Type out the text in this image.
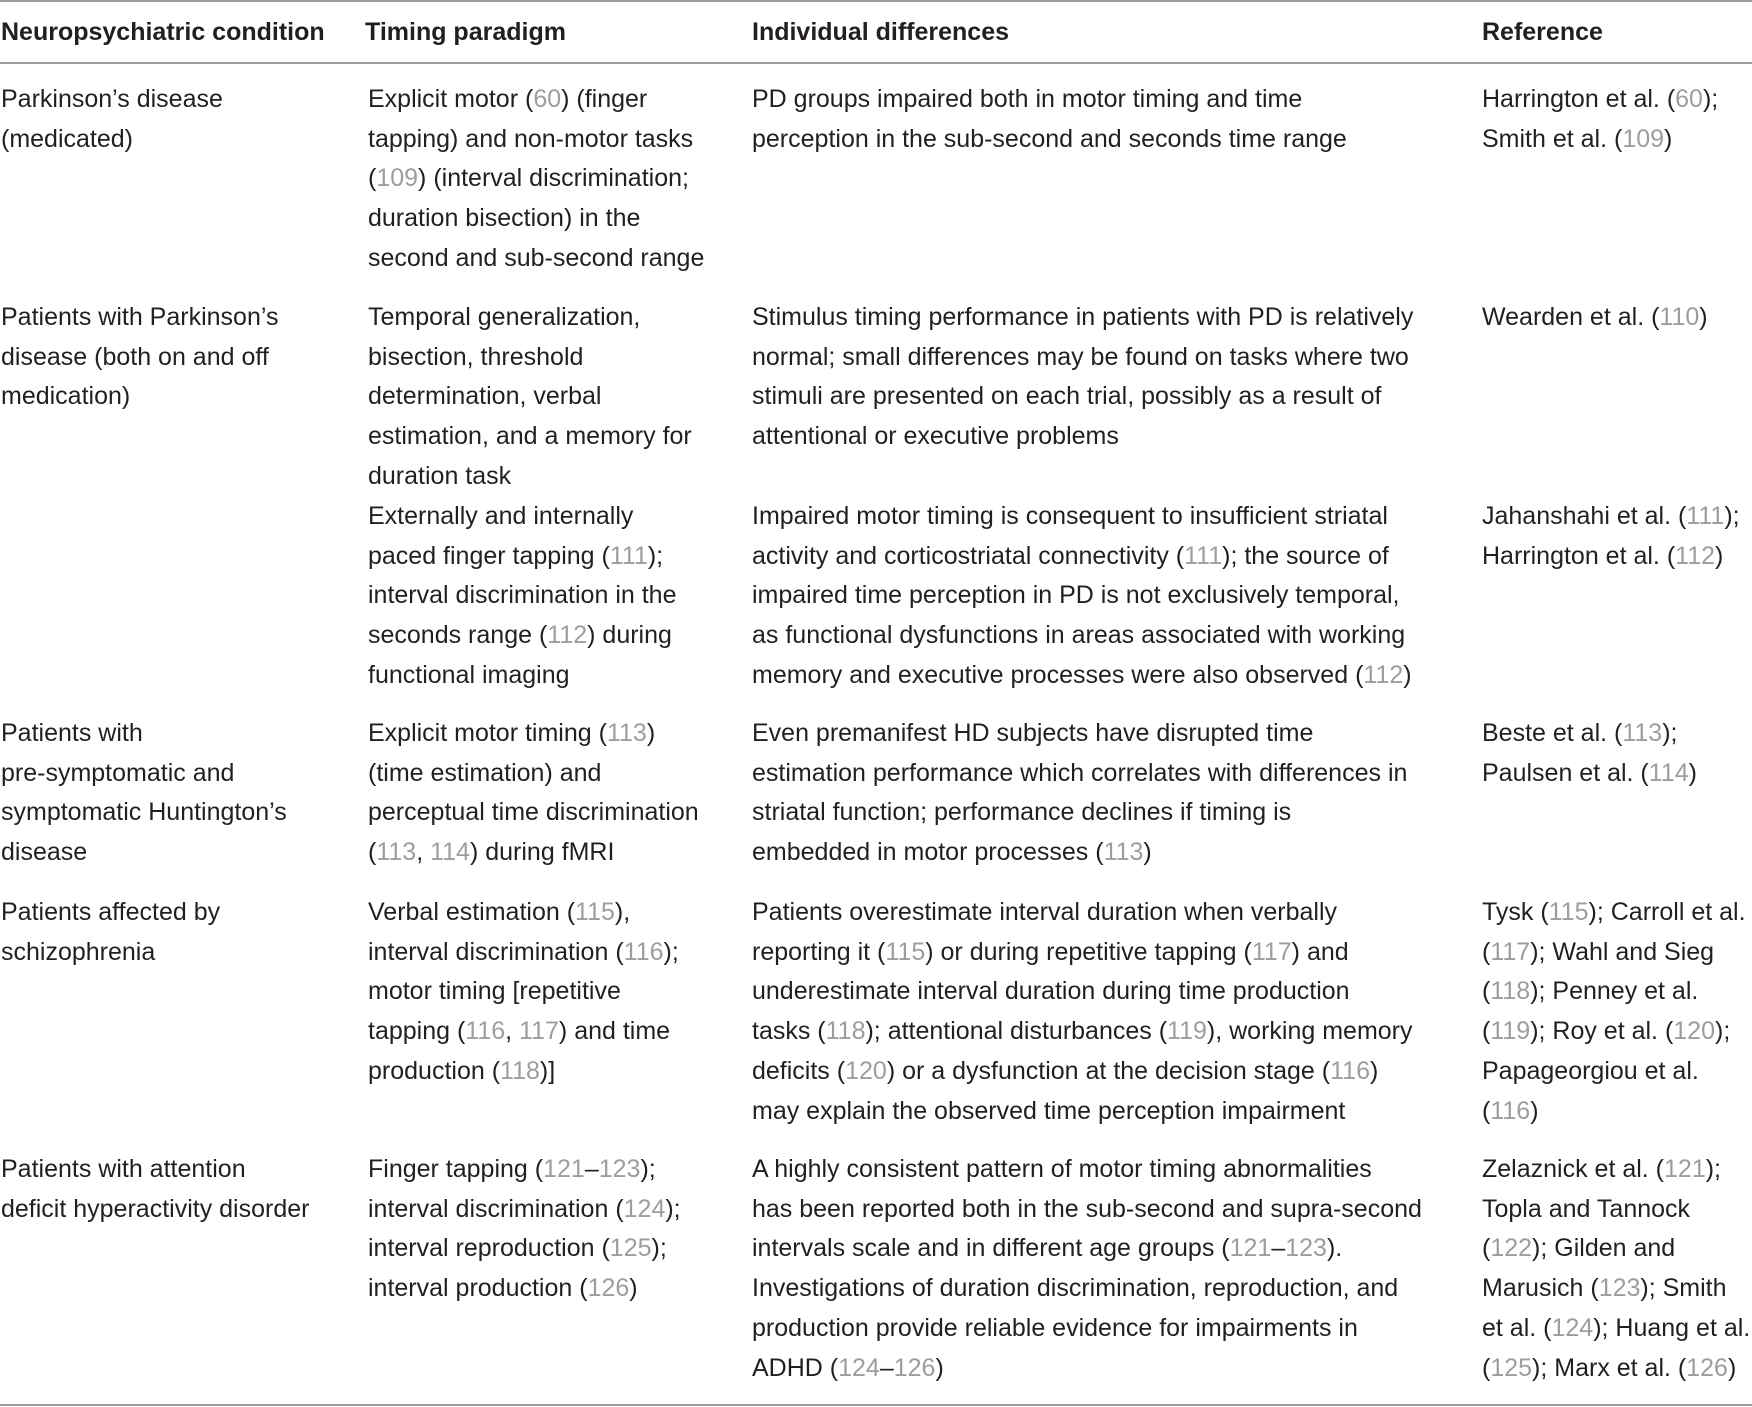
Neuropsychiatric condition Timing paradigm	Individual differences	Reference
Parkinson’s disease
(medicated)
Explicit motor (60) (finger
tapping) and non-motor tasks
(109) (interval discrimination;
duration bisection) in the
second and sub-second range
PD groups impaired both in motor timing and time
perception in the sub-second and seconds time range
Harrington et al. (60);
Smith et al. (109)
Patients with Parkinson’s
disease (both on and off
medication)
Temporal generalization,
bisection, threshold
determination, verbal
estimation, and a memory for
duration task
Stimulus timing performance in patients with PD is relatively
normal; small differences may be found on tasks where two
stimuli are presented on each trial, possibly as a result of
attentional or executive problems
Wearden et al. (110)
Externally and internally
paced finger tapping (111);
interval discrimination in the
seconds range (112) during
functional imaging
Impaired motor timing is consequent to insufficient striatal
activity and corticostriatal connectivity (111); the source of
impaired time perception in PD is not exclusively temporal,
as functional dysfunctions in areas associated with working
memory and executive processes were also observed (112)
Jahanshahi et al. (111);
Harrington et al. (112)
Patients with
pre-symptomatic and
symptomatic Huntington’s
disease
Explicit motor timing (113)
(time estimation) and
perceptual time discrimination
(113, 114) during fMRI
Even premanifest HD subjects have disrupted time
estimation performance which correlates with differences in
striatal function; performance declines if timing is
embedded in motor processes (113)
Beste et al. (113);
Paulsen et al. (114)
Patients affected by
schizophrenia
Verbal estimation (115),
interval discrimination (116);
motor timing [repetitive
tapping (116, 117) and time
production (118)]
Patients overestimate interval duration when verbally
reporting it (115) or during repetitive tapping (117) and
underestimate interval duration during time production
tasks (118); attentional disturbances (119), working memory
deficits (120) or a dysfunction at the decision stage (116)
may explain the observed time perception impairment
Tysk (115); Carroll et al.
(117); Wahl and Sieg
(118); Penney et al.
(119); Roy et al. (120);
Papageorgiou et al.
(116)
Patients with attention
deficit hyperactivity disorder
Finger tapping (121–123);
interval discrimination (124);
interval reproduction (125);
interval production (126)
A highly consistent pattern of motor timing abnormalities
has been reported both in the sub-second and supra-second
intervals scale and in different age groups (121–123).
Investigations of duration discrimination, reproduction, and
production provide reliable evidence for impairments in
ADHD (124–126)
Zelaznick et al. (121);
Topla and Tannock
(122); Gilden and
Marusich (123); Smith
et al. (124); Huang et al.
(125); Marx et al. (126)
